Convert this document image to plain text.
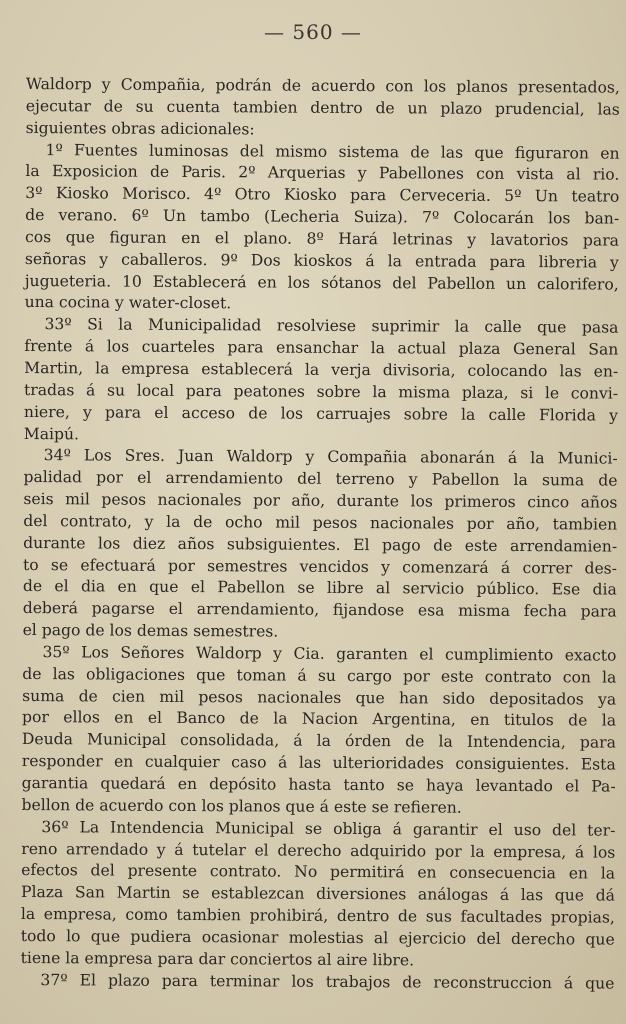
— 560 —
Waldorp y Compañia, podrán de acuerdo con los planos presentados,
ejecutar de su cuenta tambien dentro de un plazo prudencial, las
siguientes obras adicionales:
1º Fuentes luminosas del mismo sistema de las que figuraron en
la Exposicion de Paris. 2º Arquerias y Pabellones con vista al rio.
3º Kiosko Morisco. 4º Otro Kiosko para Cerveceria. 5º Un teatro
de verano. 6º Un tambo (Lecheria Suiza). 7º Colocarán los ban-
cos que figuran en el plano. 8º Hará letrinas y lavatorios para
señoras y caballeros. 9º Dos kioskos á la entrada para libreria y
jugueteria. 10 Establecerá en los sótanos del Pabellon un calorifero,
una cocina y water-closet.
33º Si la Municipalidad resolviese suprimir la calle que pasa
frente á los cuarteles para ensanchar la actual plaza General San
Martin, la empresa establecerá la verja divisoria, colocando las en-
tradas á su local para peatones sobre la misma plaza, si le convi-
niere, y para el acceso de los carruajes sobre la calle Florida y
Maipú.
34º Los Sres. Juan Waldorp y Compañia abonarán á la Munici-
palidad por el arrendamiento del terreno y Pabellon la suma de
seis mil pesos nacionales por año, durante los primeros cinco años
del contrato, y la de ocho mil pesos nacionales por año, tambien
durante los diez años subsiguientes. El pago de este arrendamien-
to se efectuará por semestres vencidos y comenzará á correr des-
de el dia en que el Pabellon se libre al servicio público. Ese dia
deberá pagarse el arrendamiento, fijandose esa misma fecha para
el pago de los demas semestres.
35º Los Señores Waldorp y Cia. garanten el cumplimiento exacto
de las obligaciones que toman á su cargo por este contrato con la
suma de cien mil pesos nacionales que han sido depositados ya
por ellos en el Banco de la Nacion Argentina, en titulos de la
Deuda Municipal consolidada, á la órden de la Intendencia, para
responder en cualquier caso á las ulterioridades consiguientes. Esta
garantia quedará en depósito hasta tanto se haya levantado el Pa-
bellon de acuerdo con los planos que á este se refieren.
36º La Intendencia Municipal se obliga á garantir el uso del ter-
reno arrendado y á tutelar el derecho adquirido por la empresa, á los
efectos del presente contrato. No permitirá en consecuencia en la
Plaza San Martin se establezcan diversiones análogas á las que dá
la empresa, como tambien prohibirá, dentro de sus facultades propias,
todo lo que pudiera ocasionar molestias al ejercicio del derecho que
tiene la empresa para dar conciertos al aire libre.
37º El plazo para terminar los trabajos de reconstruccion á que
